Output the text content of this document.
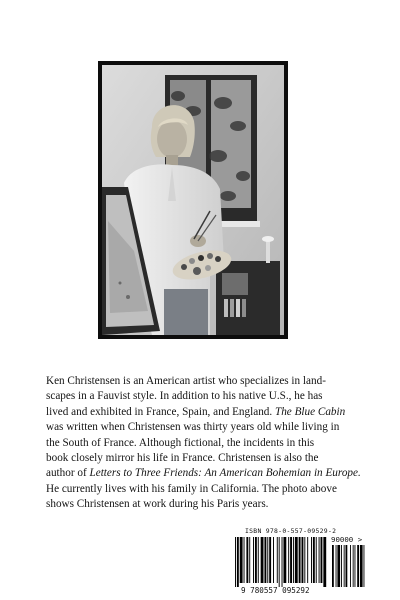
Ken Christensen is an American artist who specializes in land-
scapes in a Fauvist style. In addition to his native U.S., he has
lived and exhibited in France, Spain, and England. The Blue Cabin
was written when Christensen was thirty years old while living in
the South of France. Although fictional, the incidents in this
book closely mirror his life in France. Christensen is also the
author of Letters to Three Friends: An American Bohemian in Europe.
He currently lives with his family in California. The photo above
shows Christensen at work during his Paris years.

ISBN 978-0-557-09529-2
9 780557 095292
90000 >
